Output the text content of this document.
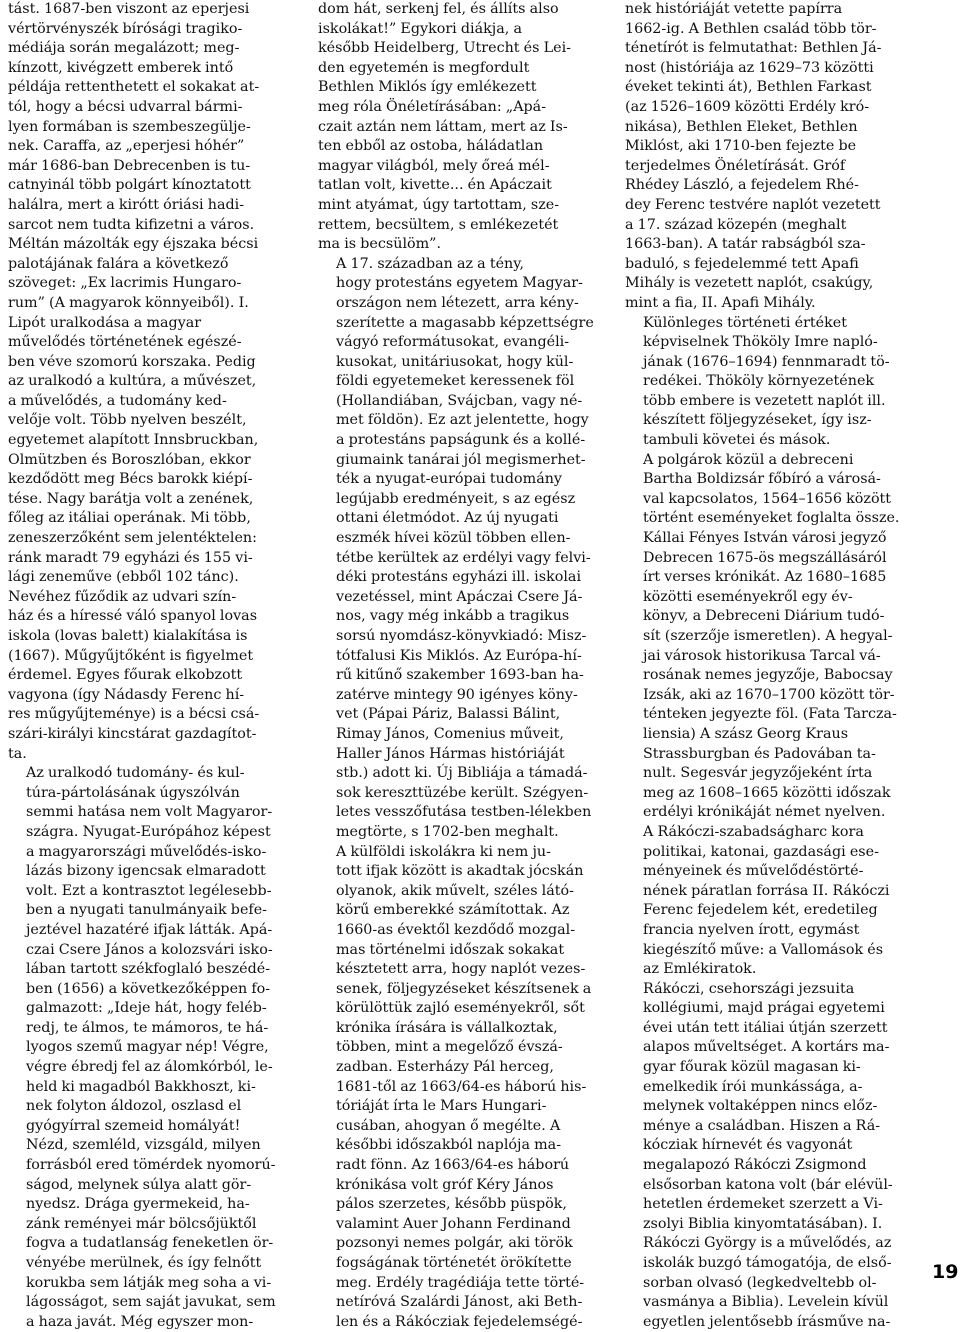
tást. 1687-ben viszont az eperjesi
vértörvényszék bírósági tragiko-
médiája során megalázott; meg-
kínzott, kivégzett emberek intő
példája rettenthetett el sokakat at-
tól, hogy a bécsi udvarral bármi-
lyen formában is szembeszegülje-
nek. Caraffa, az „eperjesi hóhér”
már 1686-ban Debrecenben is tu-
catnyinál több polgárt kínoztatott
halálra, mert a kirótt óriási hadi-
sarcot nem tudta kifizetni a város.
Méltán mázolták egy éjszaka bécsi
palotájának falára a következő
szöveget: „Ex lacrimis Hungaro-
rum” (A magyarok könnyeiből). I.
Lipót uralkodása a magyar
művelődés történetének egészé-
ben véve szomorú korszaka. Pedig
az uralkodó a kultúra, a művészet,
a művelődés, a tudomány ked-
velője volt. Több nyelven beszélt,
egyetemet alapított Innsbruckban,
Olmützben és Boroszlóban, ekkor
kezdődött meg Bécs barokk kiépí-
tése. Nagy barátja volt a zenének,
főleg az itáliai operának. Mi több,
zeneszerzőként sem jelentéktelen:
ránk maradt 79 egyházi és 155 vi-
lági zeneműve (ebből 102 tánc).
Nevéhez fűződik az udvari szín-
ház és a híressé váló spanyol lovas
iskola (lovas balett) kialakítása is
(1667). Műgyűjtőként is figyelmet
érdemel. Egyes főurak elkobzott
vagyona (így Nádasdy Ferenc hí-
res műgyűjteménye) is a bécsi csá-
szári-királyi kincstárat gazdagítot-
ta.

Az uralkodó tudomány- és kul-
túra-pártolásának úgyszólván
semmi hatása nem volt Magyaror-
szágra. Nyugat-Európához képest
a magyarországi művelődés-isko-
lázás bizony igencsak elmaradott
volt. Ezt a kontrasztot legélesebb-
ben a nyugati tanulmányaik befe-
jeztével hazatéré ifjak látták. Apá-
czai Csere János a kolozsvári isko-
lában tartott székfoglaló beszédé-
ben (1656) a következőképpen fo-
galmazott: „Ideje hát, hogy feléb-
redj, te álmos, te mámoros, te há-
lyogos szemű magyar nép! Végre,
végre ébredj fel az álomkórból, le-
held ki magadból Bakkhoszt, ki-
nek folyton áldozol, oszlasd el
gyógyírral szemeid homályát!
Nézd, szemléld, vizsgáld, milyen
forrásból ered tömérdek nyomorú-
ságod, melynek súlya alatt gör-
nyedsz. Drága gyermekeid, ha-
zánk reményei már bölcsőjüktől
fogva a tudatlanság feneketlen ör-
vényébe merülnek, és így felnőtt
korukba sem látják meg soha a vi-
lágosságot, sem saját javukat, sem
a haza javát. Még egyszer mon-

dom hát, serkenj fel, és állíts also
iskolákat!” Egykori diákja, a
később Heidelberg, Utrecht és Lei-
den egyetemén is megfordult
Bethlen Miklós így emlékezett
meg róla Önéletírásában: „Apá-
czait aztán nem láttam, mert az Is-
ten ebből az ostoba, háládatlan
magyar világból, mely őreá mél-
tatlan volt, kivette... én Apáczait
mint atyámat, úgy tartottam, sze-
rettem, becsültem, s emlékezetét
ma is becsülöm”.

A 17. században az a tény,
hogy protestáns egyetem Magyar-
országon nem létezett, arra kény-
szerítette a magasabb képzettségre
vágyó reformátusokat, evangéli-
kusokat, unitáriusokat, hogy kül-
földi egyetemeket keressenek föl
(Hollandiában, Svájcban, vagy né-
met földön). Ez azt jelentette, hogy
a protestáns papságunk és a kollé-
giumaink tanárai jól megismerhet-
ték a nyugat-európai tudomány
legújabb eredményeit, s az egész
ottani életmódot. Az új nyugati
eszmék hívei közül többen ellen-
tétbe kerültek az erdélyi vagy felvi-
déki protestáns egyházi ill. iskolai
vezetéssel, mint Apáczai Csere Já-
nos, vagy még inkább a tragikus
sorsú nyomdász-könyvkiadó: Misz-
tótfalusi Kis Miklós. Az Európa-hí-
rű kitűnő szakember 1693-ban ha-
zatérve mintegy 90 igényes köny-
vet (Pápai Páriz, Balassi Bálint,
Rimay János, Comenius műveit,
Haller János Hármas históriáját
stb.) adott ki. Új Bibliája a támadá-
sok kereszttüzébe került. Szégyen-
letes vesszőfutása testben-lélekben
megtörte, s 1702-ben meghalt.

A külföldi iskolákra ki nem ju-
tott ifjak között is akadtak jócskán
olyanok, akik művelt, széles látó-
körű emberekké számítottak. Az
1660-as évektől kezdődő mozgal-
mas történelmi időszak sokakat
késztetett arra, hogy naplót vezes-
senek, följegyzéseket készítsenek a
körülöttük zajló eseményekről, sőt
krónika írására is vállalkoztak,
többen, mint a megelőző évszá-
zadban. Esterházy Pál herceg,
1681-től az 1663/64-es háború his-
tóriáját írta le Mars Hungari-
cusában, ahogyan ő megélte. A
későbbi időszakból naplója ma-
radt fönn. Az 1663/64-es háború
krónikása volt gróf Kéry János
pálos szerzetes, később püspök,
valamint Auer Johann Ferdinand
pozsonyi nemes polgár, aki török
fogságának történetét örökítette
meg. Erdély tragédiája tette törté-
netíróvá Szalárdi Jánost, aki Beth-
len és a Rákócziak fejedelemségé-

nek históriáját vetette papírra
1662-ig. A Bethlen család több tör-
ténetírót is felmutathat: Bethlen Já-
nost (históriája az 1629–73 közötti
éveket tekinti át), Bethlen Farkast
(az 1526–1609 közötti Erdély kró-
nikása), Bethlen Eleket, Bethlen
Miklóst, aki 1710-ben fejezte be
terjedelmes Önéletírását. Gróf
Rhédey László, a fejedelem Rhé-
dey Ferenc testvére naplót vezetett
a 17. század közepén (meghalt
1663-ban). A tatár rabságból sza-
baduló, s fejedelemmé tett Apafi
Mihály is vezetett naplót, csakúgy,
mint a fia, II. Apafi Mihály.

Különleges történeti értéket
képviselnek Thököly Imre napló-
jának (1676–1694) fennmaradt tö-
redékei. Thököly környezetének
több embere is vezetett naplót ill.
készített följegyzéseket, így isz-
tambuli követei és mások.

A polgárok közül a debreceni
Bartha Boldizsár főbíró a városá-
val kapcsolatos, 1564–1656 között
történt eseményeket foglalta össze.
Kállai Fényes István városi jegyző
Debrecen 1675-ös megszállásáról
írt verses krónikát. Az 1680–1685
közötti eseményekről egy év-
könyv, a Debreceni Diárium tudó-
sít (szerzője ismeretlen). A hegyal-
jai városok historikusa Tarcal vá-
rosának nemes jegyzője, Babocsay
Izsák, aki az 1670–1700 között tör-
ténteken jegyezte föl. (Fata Tarcza-
liensia) A szász Georg Kraus
Strassburgban és Padovában ta-
nult. Segesvár jegyzőjeként írta
meg az 1608–1665 közötti időszak
erdélyi krónikáját német nyelven.

A Rákóczi-szabadságharc kora
politikai, katonai, gazdasági ese-
ményeinek és művelődéstörté-
nének páratlan forrása II. Rákóczi
Ferenc fejedelem két, eredetileg
francia nyelven írott, egymást
kiegészítő műve: a Vallomások és
az Emlékiratok.

Rákóczi, csehországi jezsuita
kollégiumi, majd prágai egyetemi
évei után tett itáliai útján szerzett
alapos műveltséget. A kortárs ma-
gyar főurak közül magasan ki-
emelkedik írói munkássága, a-
melynek voltaképpen nincs előz-
ménye a családban. Hiszen a Rá-
kócziak hírnevét és vagyonát
megalapozó Rákóczi Zsigmond
elsősorban katona volt (bár elévül-
hetetlen érdemeket szerzett a Vi-
zsolyi Biblia kinyomtatásában). I.
Rákóczi György is a művelődés, az
iskolák buzgó támogatója, de első-
sorban olvasó (legkedveltebb ol-
vasmánya a Biblia). Levelein kívül
egyetlen jelentősebb írásműve na-

19
